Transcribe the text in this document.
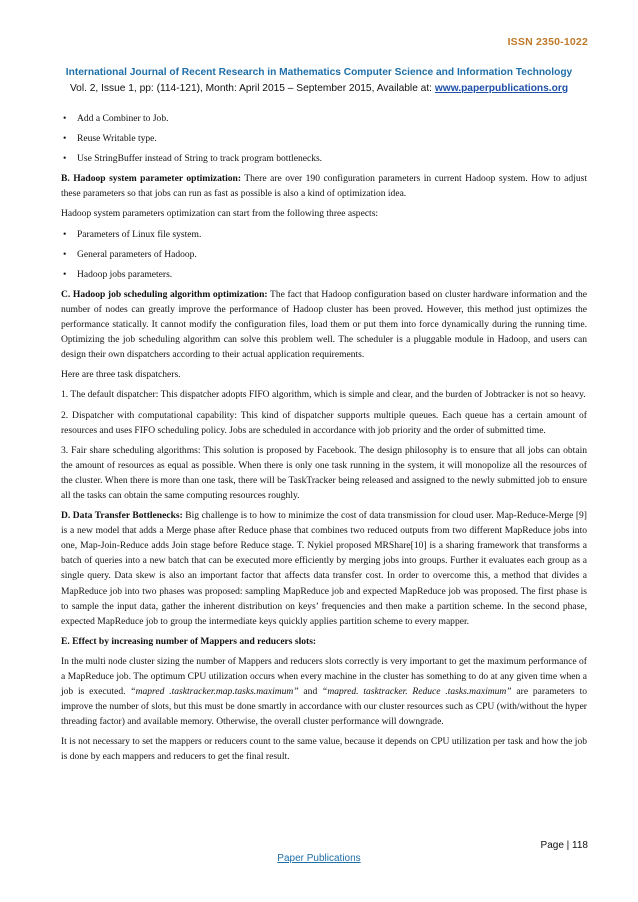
ISSN 2350-1022
International Journal of Recent Research in Mathematics Computer Science and Information Technology
Vol. 2, Issue 1, pp: (114-121), Month: April 2015 – September 2015, Available at: www.paperpublications.org
• Add a Combiner to Job.
• Reuse Writable type.
• Use StringBuffer instead of String to track program bottlenecks.

B. Hadoop system parameter optimization: There are over 190 configuration parameters in current Hadoop system. How to adjust these parameters so that jobs can run as fast as possible is also a kind of optimization idea.

Hadoop system parameters optimization can start from the following three aspects:

• Parameters of Linux file system.
• General parameters of Hadoop.
• Hadoop jobs parameters.

C. Hadoop job scheduling algorithm optimization: The fact that Hadoop configuration based on cluster hardware information and the number of nodes can greatly improve the performance of Hadoop cluster has been proved. However, this method just optimizes the performance statically. It cannot modify the configuration files, load them or put them into force dynamically during the running time. Optimizing the job scheduling algorithm can solve this problem well. The scheduler is a pluggable module in Hadoop, and users can design their own dispatchers according to their actual application requirements.

Here are three task dispatchers.

1. The default dispatcher: This dispatcher adopts FIFO algorithm, which is simple and clear, and the burden of Jobtracker is not so heavy.

2. Dispatcher with computational capability: This kind of dispatcher supports multiple queues. Each queue has a certain amount of resources and uses FIFO scheduling policy. Jobs are scheduled in accordance with job priority and the order of submitted time.

3. Fair share scheduling algorithms: This solution is proposed by Facebook. The design philosophy is to ensure that all jobs can obtain the amount of resources as equal as possible. When there is only one task running in the system, it will monopolize all the resources of the cluster. When there is more than one task, there will be TaskTracker being released and assigned to the newly submitted job to ensure all the tasks can obtain the same computing resources roughly.

D. Data Transfer Bottlenecks: Big challenge is to how to minimize the cost of data transmission for cloud user. Map-Reduce-Merge [9] is a new model that adds a Merge phase after Reduce phase that combines two reduced outputs from two different MapReduce jobs into one, Map-Join-Reduce adds Join stage before Reduce stage. T. Nykiel proposed MRShare[10] is a sharing framework that transforms a batch of queries into a new batch that can be executed more efficiently by merging jobs into groups. Further it evaluates each group as a single query. Data skew is also an important factor that affects data transfer cost. In order to overcome this, a method that divides a MapReduce job into two phases was proposed: sampling MapReduce job and expected MapReduce job was proposed. The first phase is to sample the input data, gather the inherent distribution on keys’ frequencies and then make a partition scheme. In the second phase, expected MapReduce job to group the intermediate keys quickly applies partition scheme to every mapper.

E. Effect by increasing number of Mappers and reducers slots:

In the multi node cluster sizing the number of Mappers and reducers slots correctly is very important to get the maximum performance of a MapReduce job. The optimum CPU utilization occurs when every machine in the cluster has something to do at any given time when a job is executed. “mapred .tasktracker.map.tasks.maximum” and “mapred. tasktracker. Reduce .tasks.maximum” are parameters to improve the number of slots, but this must be done smartly in accordance with our cluster resources such as CPU (with/without the hyper threading factor) and available memory. Otherwise, the overall cluster performance will downgrade.

It is not necessary to set the mappers or reducers count to the same value, because it depends on CPU utilization per task and how the job is done by each mappers and reducers to get the final result.

Page | 118
Paper Publications
